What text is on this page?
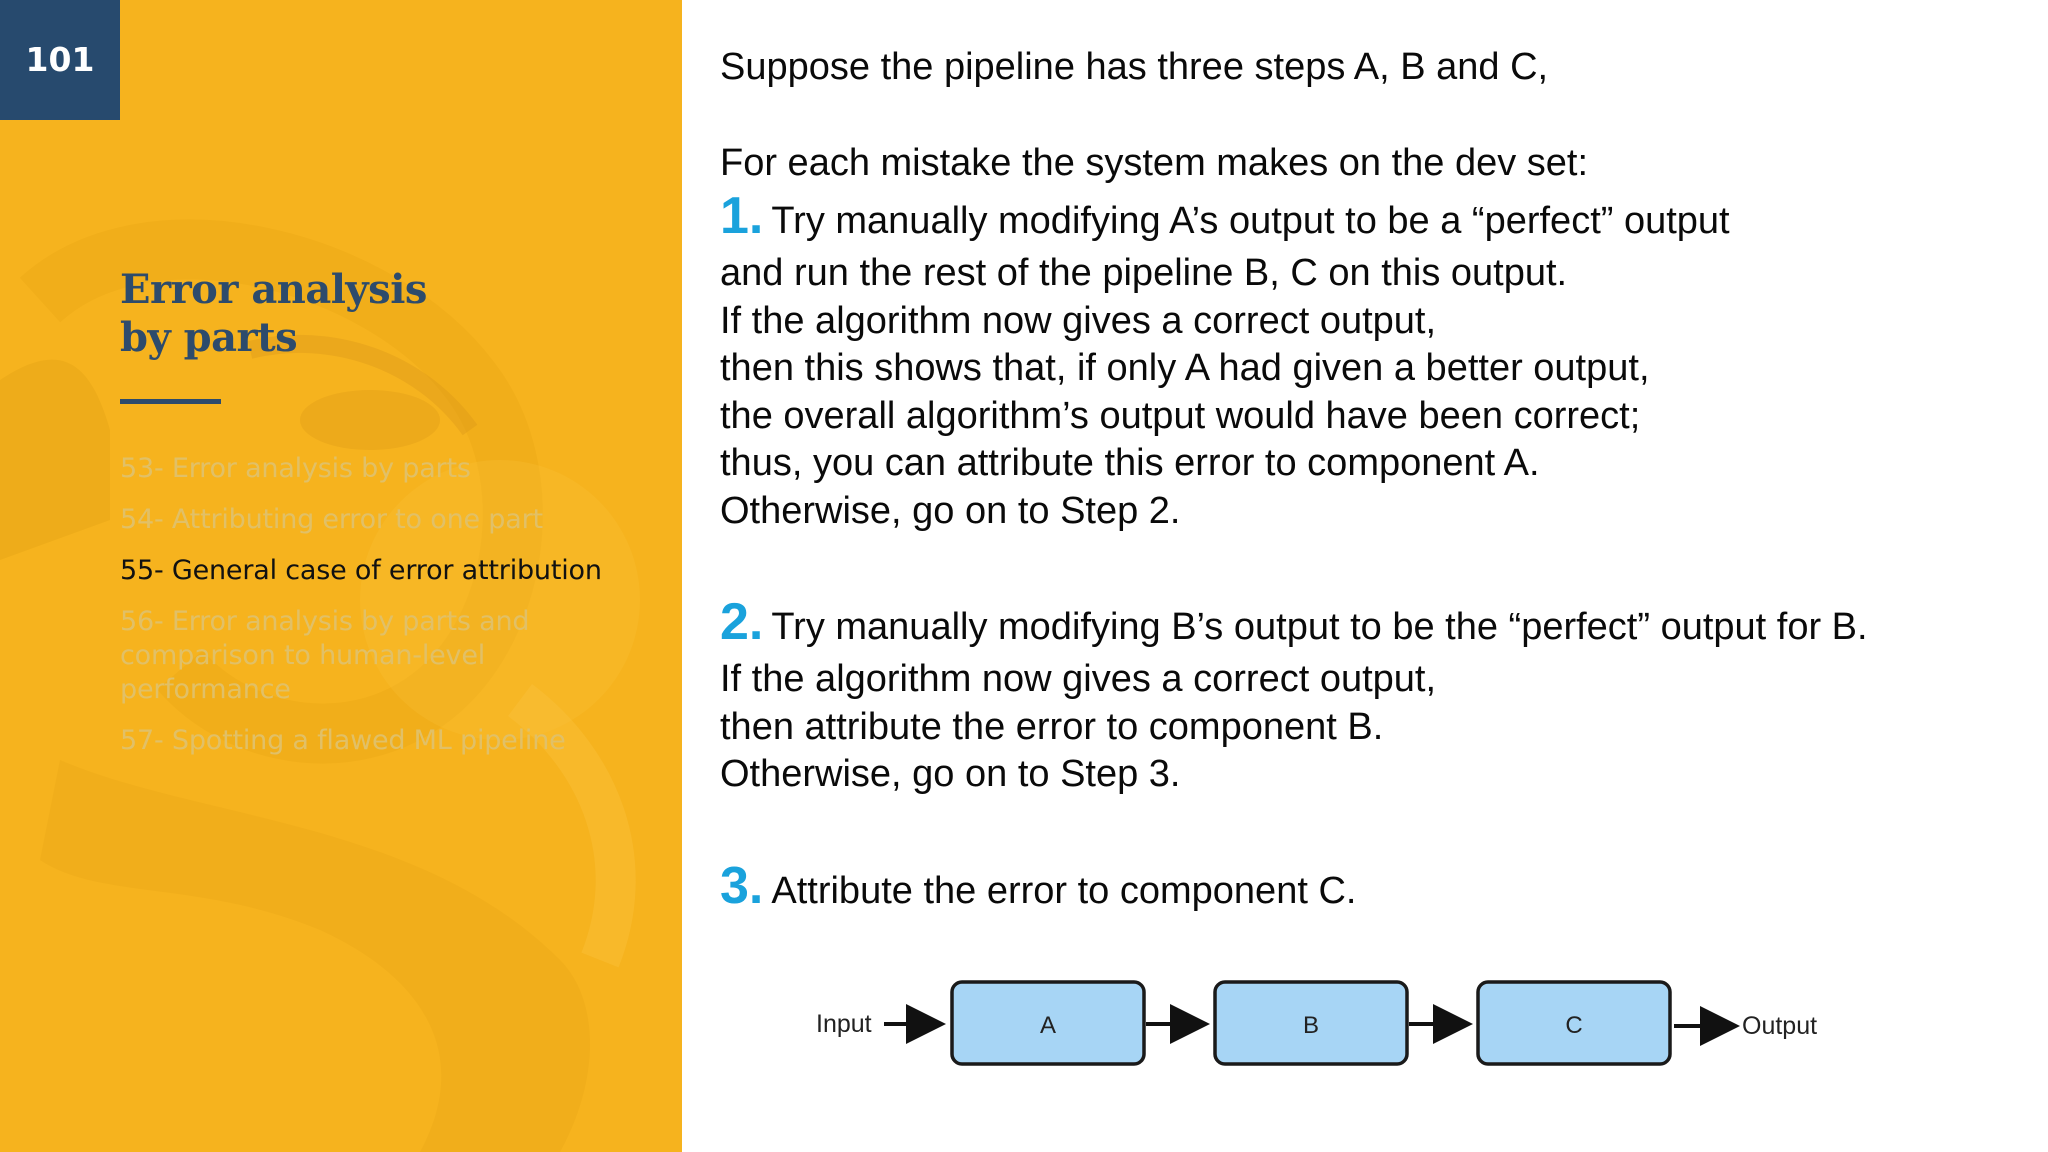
101
Error analysis
by parts
53- Error analysis by parts
54- Attributing error to one part
55- General case of error attribution
56- Error analysis by parts and
comparison to human-level
performance
57- Spotting a flawed ML pipeline
Suppose the pipeline has three steps A, B and C,
For each mistake the system makes on the dev set:
1. Try manually modifying A’s output to be a “perfect” output
and run the rest of the pipeline B, C on this output.
If the algorithm now gives a correct output,
then this shows that, if only A had given a better output,
the overall algorithm’s output would have been correct;
thus, you can attribute this error to component A.
Otherwise, go on to Step 2.
2. Try manually modifying B’s output to be the “perfect” output for B.
If the algorithm now gives a correct output,
then attribute the error to component B.
Otherwise, go on to Step 3.
3. Attribute the error to component C.
Input	A	B	C	Output
